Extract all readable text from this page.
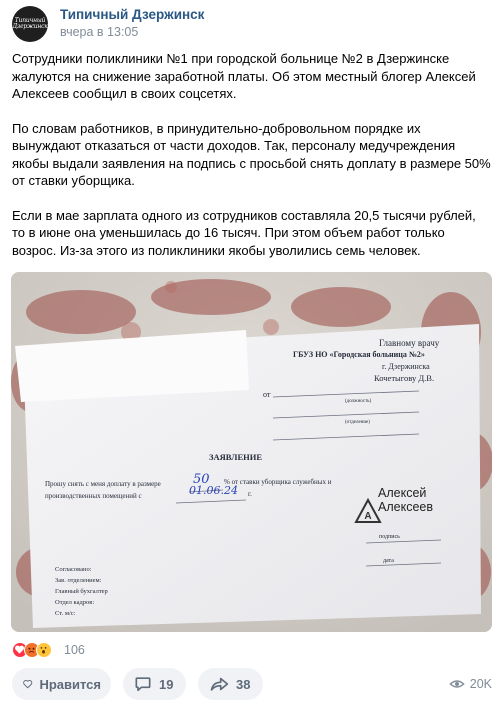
Типичный
Дзержинск
Типичный Дзержинск
вчера в 13:05

Сотрудники поликлиники №1 при городской больнице №2 в Дзержинске жалуются на снижение заработной платы. Об этом местный блогер Алексей Алексеев сообщил в своих соцсетях.

По словам работников, в принудительно-добровольном порядке их вынуждают отказаться от части доходов. Так, персоналу медучреждения якобы выдали заявления на подпись с просьбой снять доплату в размере 50% от ставки уборщика.

Если в мае зарплата одного из сотрудников составляла 20,5 тысячи рублей, то в июне она уменьшилась до 16 тысяч. При этом объем работ только возрос. Из-за этого из поликлиники якобы уволились семь человек.

А
Главному врачу
ГБУЗ НО «Городская больница №2»
г. Дзержинска
Кочетыгову Д.В.
от
(должность)
(отделение)
ЗАЯВЛЕНИЕ
Прошу снять с меня доплату в размере 50 % от ставки уборщика служебных и
производственных помещений с	01.06.24 г.
подпись
дата
Согласовано:
Зав. отделением:
Главный бухгалтер
Отдел кадров:
Ст. м/с:
Алексей
Алексеев
106
Нравится	19	38	20K
